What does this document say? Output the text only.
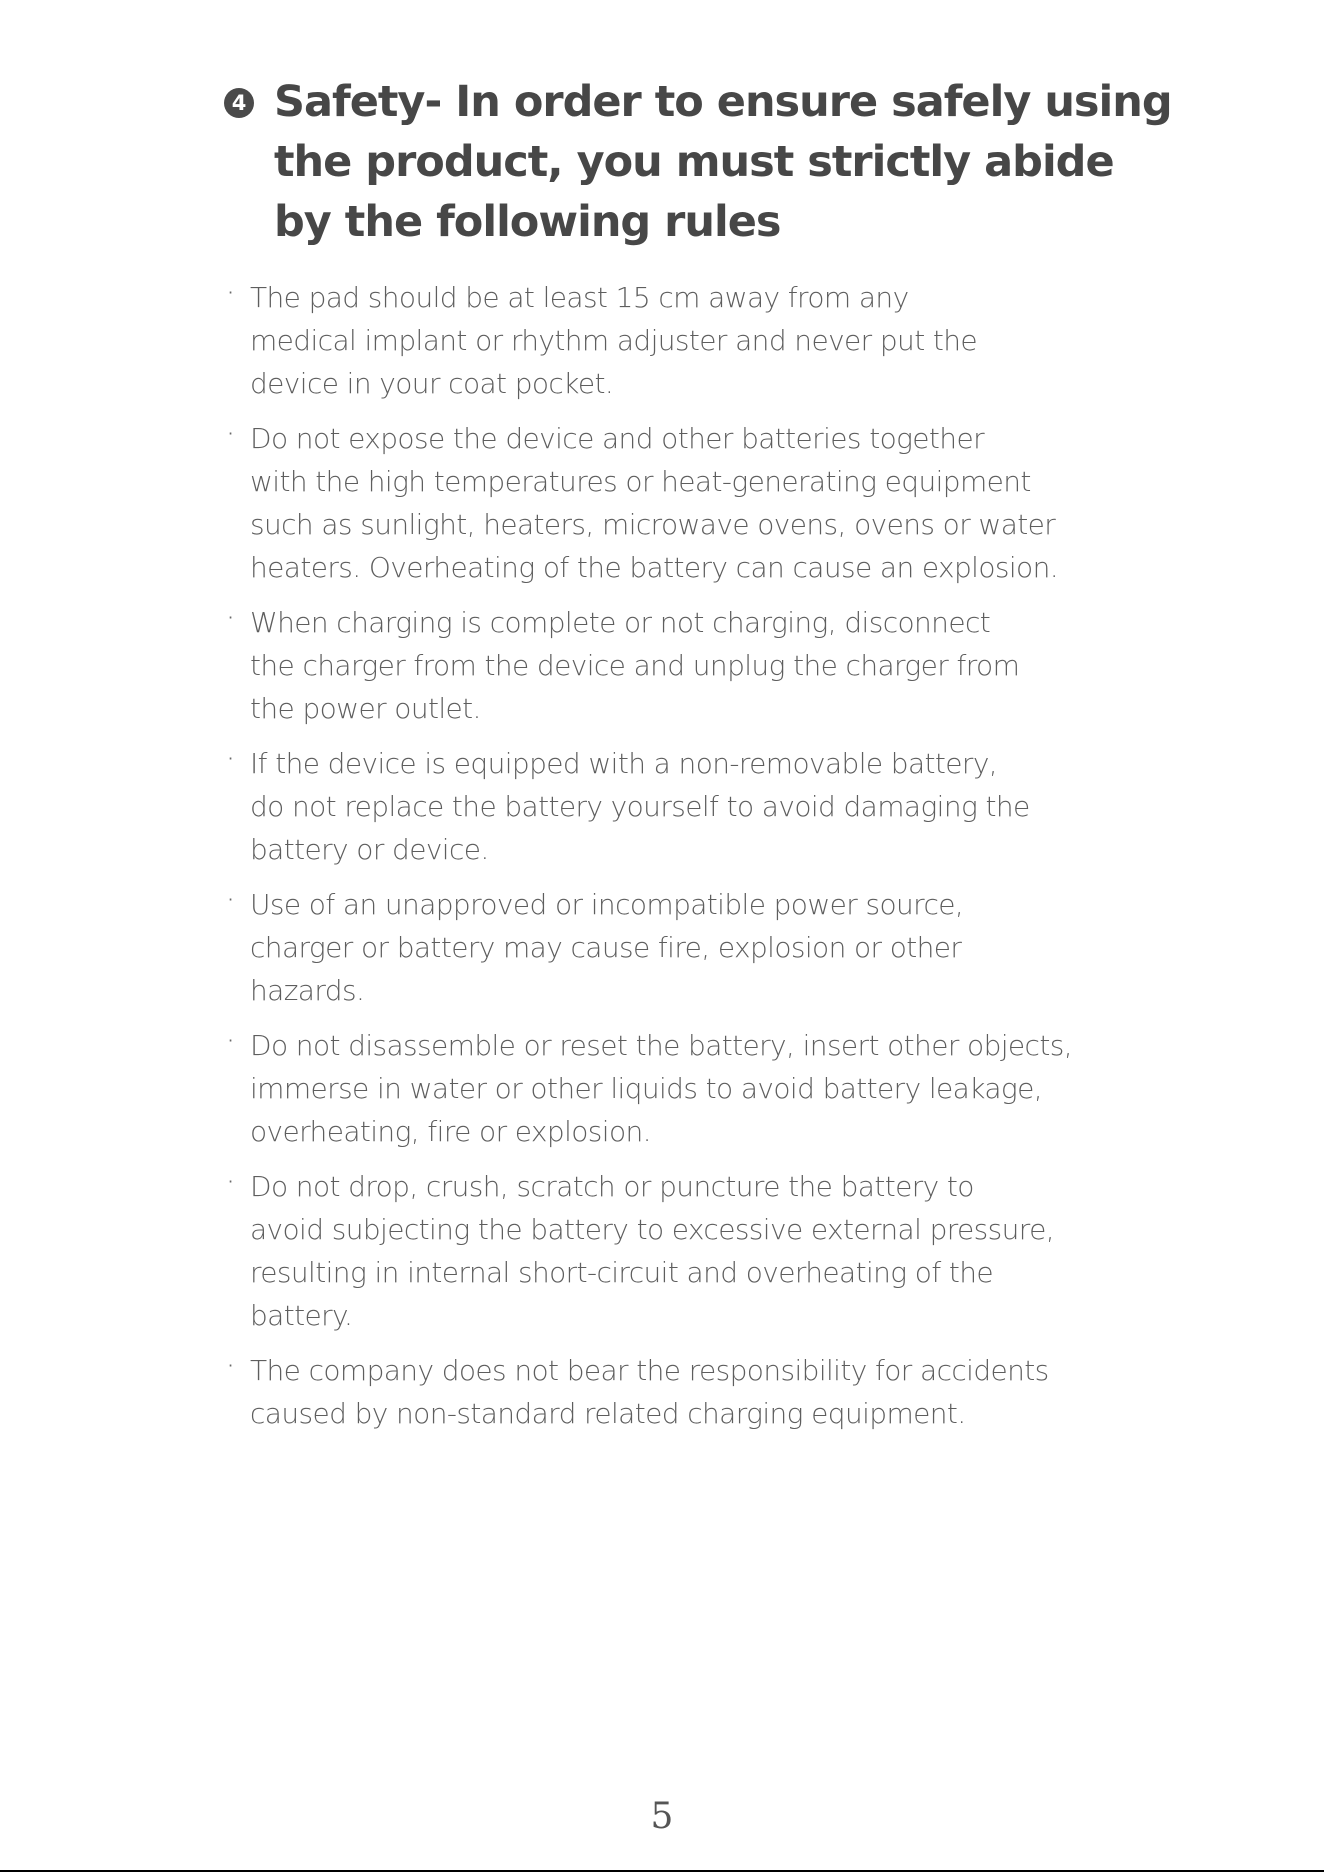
4 Safety- In order to ensure safely using
the product, you must strictly abide
by the following rules
· The pad should be at least 15 cm away from any
medical implant or rhythm adjuster and never put the
device in your coat pocket.
· Do not expose the device and other batteries together
with the high temperatures or heat-generating equipment
such as sunlight, heaters, microwave ovens, ovens or water
heaters. Overheating of the battery can cause an explosion.
· When charging is complete or not charging, disconnect
the charger from the device and unplug the charger from
the power outlet.
· If the device is equipped with a non-removable battery,
do not replace the battery yourself to avoid damaging the
battery or device.
· Use of an unapproved or incompatible power source,
charger or battery may cause fire, explosion or other
hazards.
· Do not disassemble or reset the battery, insert other objects,
immerse in water or other liquids to avoid battery leakage,
overheating, fire or explosion.
· Do not drop, crush, scratch or puncture the battery to
avoid subjecting the battery to excessive external pressure,
resulting in internal short-circuit and overheating of the
battery.
· The company does not bear the responsibility for accidents
caused by non-standard related charging equipment.
5
